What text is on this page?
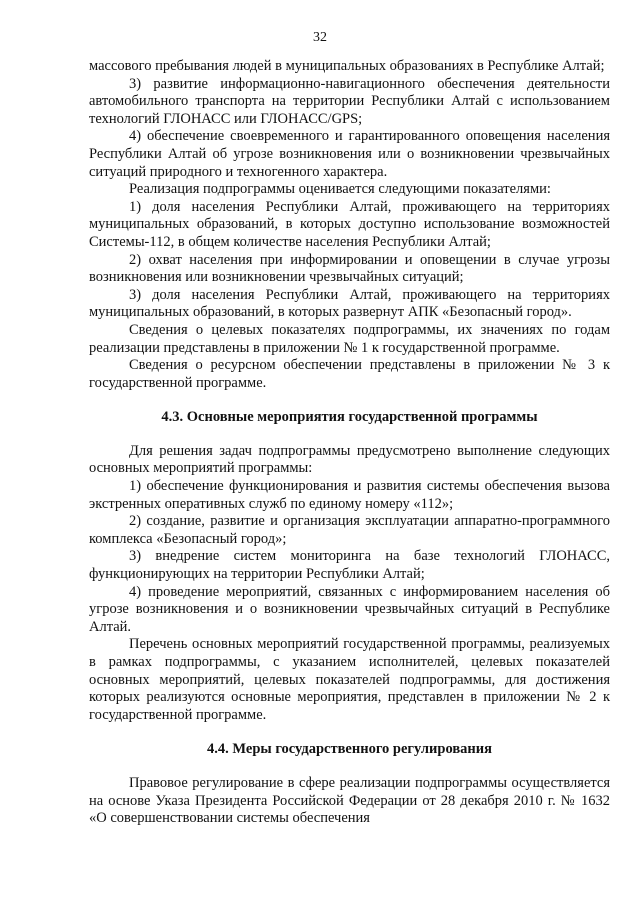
32

массового пребывания людей в муниципальных образованиях в Республике Алтай;

3) развитие информационно-навигационного обеспечения деятельности автомобильного транспорта на территории Республики Алтай с использованием технологий ГЛОНАСС или ГЛОНАСС/GPS;

4) обеспечение своевременного и гарантированного оповещения населения Республики Алтай об угрозе возникновения или о возникновении чрезвычайных ситуаций природного и техногенного характера.

Реализация подпрограммы оценивается следующими показателями:

1) доля населения Республики Алтай, проживающего на территориях муниципальных образований, в которых доступно использование возможностей Системы-112, в общем количестве населения Республики Алтай;

2) охват населения при информировании и оповещении в случае угрозы возникновения или возникновении чрезвычайных ситуаций;

3) доля населения Республики Алтай, проживающего на территориях муниципальных образований, в которых развернут АПК «Безопасный город».

Сведения о целевых показателях подпрограммы, их значениях по годам реализации представлены в приложении № 1 к государственной программе.

Сведения о ресурсном обеспечении представлены в приложении № 3 к государственной программе.

4.3. Основные мероприятия государственной программы

Для решения задач подпрограммы предусмотрено выполнение следующих основных мероприятий программы:

1) обеспечение функционирования и развития системы обеспечения вызова экстренных оперативных служб по единому номеру «112»;

2) создание, развитие и организация эксплуатации аппаратно-программного комплекса «Безопасный город»;

3) внедрение систем мониторинга на базе технологий ГЛОНАСС, функционирующих на территории Республики Алтай;

4) проведение мероприятий, связанных с информированием населения об угрозе возникновения и о возникновении чрезвычайных ситуаций в Республике Алтай.

Перечень основных мероприятий государственной программы, реализуемых в рамках подпрограммы, с указанием исполнителей, целевых показателей основных мероприятий, целевых показателей подпрограммы, для достижения которых реализуются основные мероприятия, представлен в приложении № 2 к государственной программе.

4.4. Меры государственного регулирования

Правовое регулирование в сфере реализации подпрограммы осуществляется на основе Указа Президента Российской Федерации от 28 декабря 2010 г. № 1632 «О совершенствовании системы обеспечения
